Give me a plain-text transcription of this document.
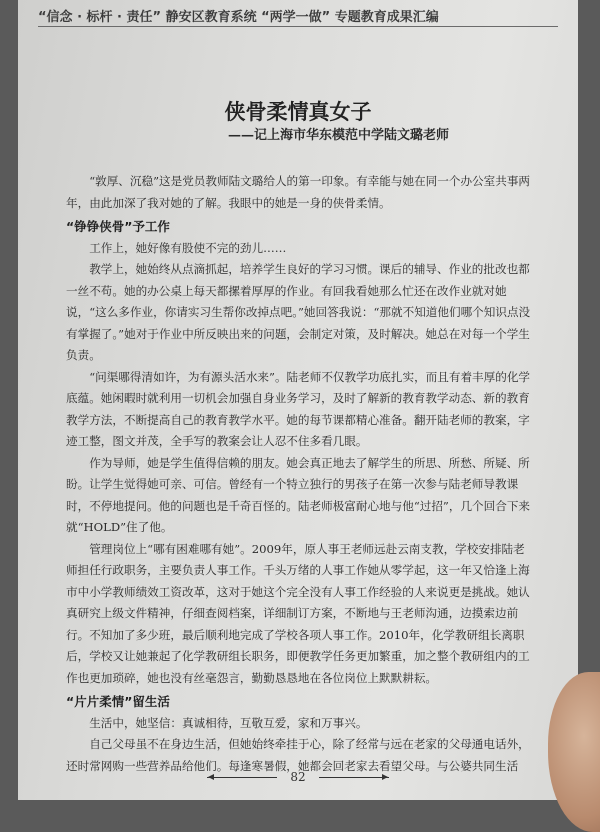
“信念 · 标杆 · 责任” 静安区教育系统 “两学一做” 专题教育成果汇编
侠骨柔情真女子
——记上海市华东模范中学陆文璐老师

“敦厚、沉稳”这是党员教师陆文璐给人的第一印象。有幸能与她在同一个办公室共事两年，由此加深了我对她的了解。我眼中的她是一身的侠骨柔情。

“铮铮侠骨”予工作

工作上，她好像有股使不完的劲儿……

教学上，她始终从点滴抓起，培养学生良好的学习习惯。课后的辅导、作业的批改也都一丝不苟。她的办公桌上每天都摞着厚厚的作业。有回我看她那么忙还在改作业就对她说，“这么多作业，你请实习生帮你改掉点吧。”她回答我说：“那就不知道他们哪个知识点没有掌握了。”她对于作业中所反映出来的问题，会制定对策，及时解决。她总在对每一个学生负责。

“问渠哪得清如许，为有源头活水来”。陆老师不仅教学功底扎实，而且有着丰厚的化学底蕴。她闲暇时就利用一切机会加强自身业务学习，及时了解新的教育教学动态、新的教育教学方法，不断提高自己的教育教学水平。她的每节课都精心准备。翻开陆老师的教案，字迹工整，图文并茂，全手写的教案会让人忍不住多看几眼。

作为导师，她是学生值得信赖的朋友。她会真正地去了解学生的所思、所愁、所疑、所盼。让学生觉得她可亲、可信。曾经有一个特立独行的男孩子在第一次参与陆老师导教课时，不停地提问。他的问题也是千奇百怪的。陆老师极富耐心地与他“过招”，几个回合下来就“HOLD”住了他。

管理岗位上“哪有困难哪有她”。2009年，原人事王老师远赴云南支教，学校安排陆老师担任行政职务，主要负责人事工作。千头万绪的人事工作她从零学起，这一年又恰逢上海市中小学教师绩效工资改革，这对于她这个完全没有人事工作经验的人来说更是挑战。她认真研究上级文件精神，仔细查阅档案，详细制订方案，不断地与王老师沟通，边摸索边前行。不知加了多少班，最后顺利地完成了学校各项人事工作。2010年，化学教研组长离职后，学校又让她兼起了化学教研组长职务，即便教学任务更加繁重，加之整个教研组内的工作也更加琐碎，她也没有丝毫怨言，勤勤恳恳地在各位岗位上默默耕耘。

“片片柔情”留生活

生活中，她坚信：真诚相待，互敬互爱，家和万事兴。

自己父母虽不在身边生活，但她始终牵挂于心，除了经常与远在老家的父母通电话外，还时常网购一些营养品给他们。每逢寒暑假，她都会回老家去看望父母。与公婆共同生活

82
